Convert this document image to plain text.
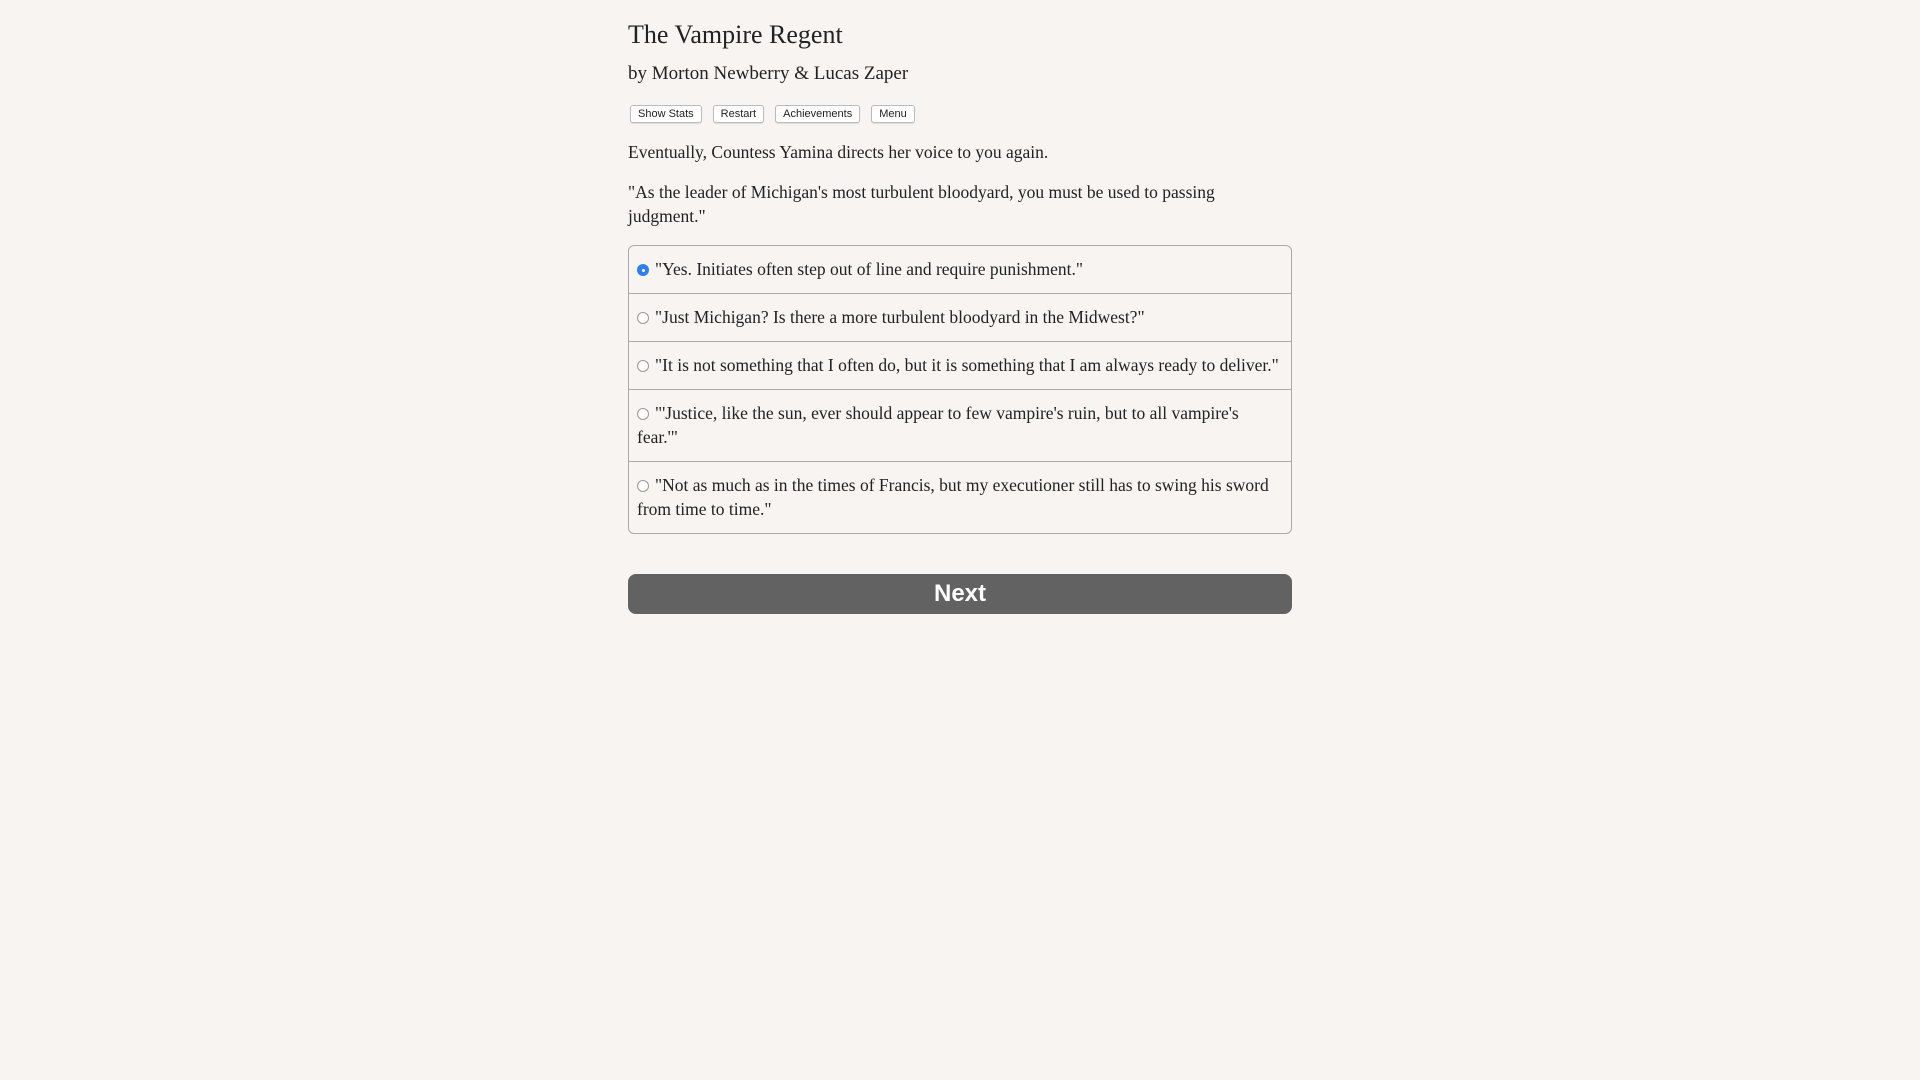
The Vampire Regent
by Morton Newberry & Lucas Zaper
Show Stats	Restart	Achievements	Menu
Eventually, Countess Yamina directs her voice to you again.
"As the leader of Michigan's most turbulent bloodyard, you must be used to passing judgment."
"Yes. Initiates often step out of line and require punishment."
"Just Michigan? Is there a more turbulent bloodyard in the Midwest?"
"It is not something that I often do, but it is something that I am always ready to deliver."
"'Justice, like the sun, ever should appear to few vampire's ruin, but to all vampire's fear.'"
"Not as much as in the times of Francis, but my executioner still has to swing his sword from time to time."
Next
